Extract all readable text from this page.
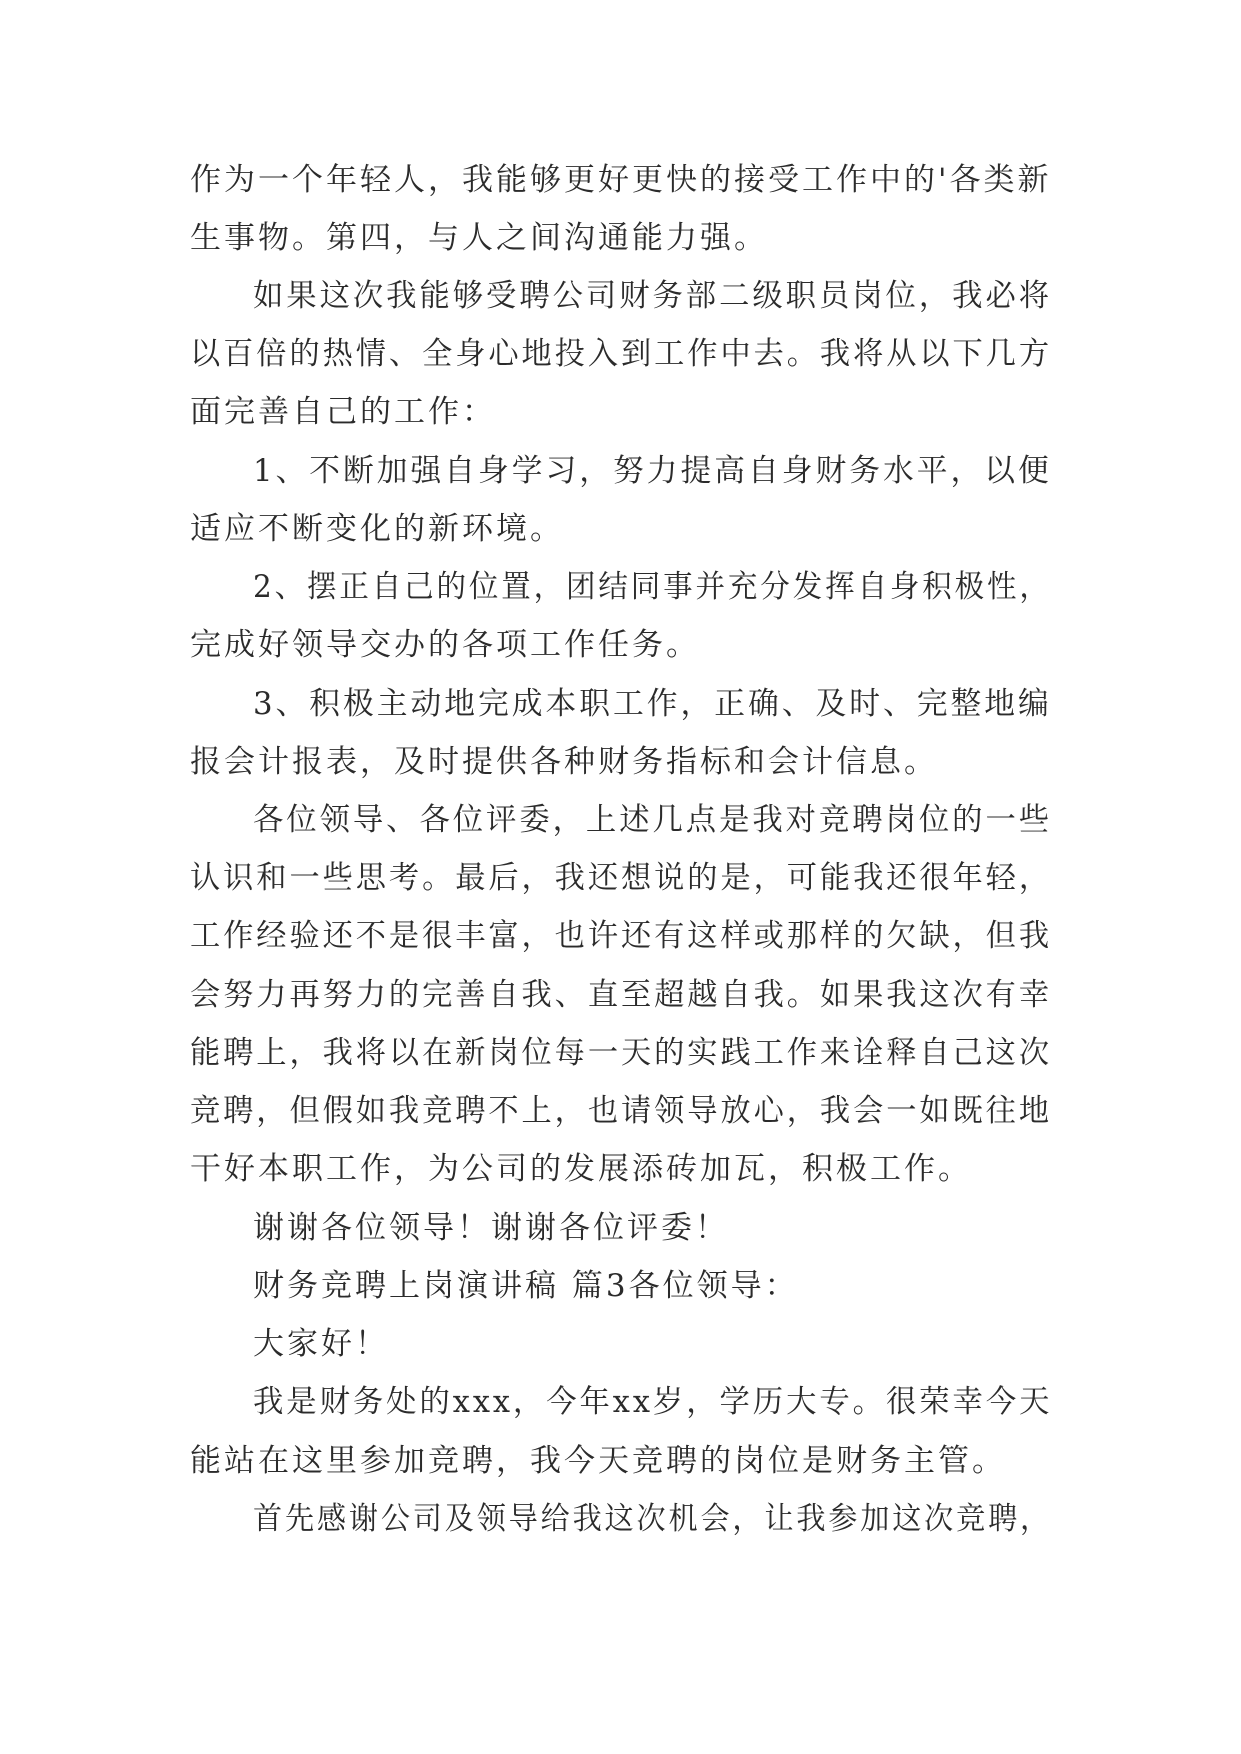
作为一个年轻人，我能够更好更快的接受工作中的'各类新
生事物。第四，与人之间沟通能力强。
如果这次我能够受聘公司财务部二级职员岗位，我必将
以百倍的热情、全身心地投入到工作中去。我将从以下几方
面完善自己的工作：
1、不断加强自身学习，努力提高自身财务水平，以便
适应不断变化的新环境。
2、摆正自己的位置，团结同事并充分发挥自身积极性，
完成好领导交办的各项工作任务。
3、积极主动地完成本职工作，正确、及时、完整地编
报会计报表，及时提供各种财务指标和会计信息。
各位领导、各位评委，上述几点是我对竞聘岗位的一些
认识和一些思考。最后，我还想说的是，可能我还很年轻，
工作经验还不是很丰富，也许还有这样或那样的欠缺，但我
会努力再努力的完善自我、直至超越自我。如果我这次有幸
能聘上，我将以在新岗位每一天的实践工作来诠释自己这次
竞聘，但假如我竞聘不上，也请领导放心，我会一如既往地
干好本职工作，为公司的发展添砖加瓦，积极工作。
谢谢各位领导！谢谢各位评委！
财务竞聘上岗演讲稿 篇3各位领导：
大家好！
我是财务处的xxx，今年xx岁，学历大专。很荣幸今天
能站在这里参加竞聘，我今天竞聘的岗位是财务主管。
首先感谢公司及领导给我这次机会，让我参加这次竞聘，
